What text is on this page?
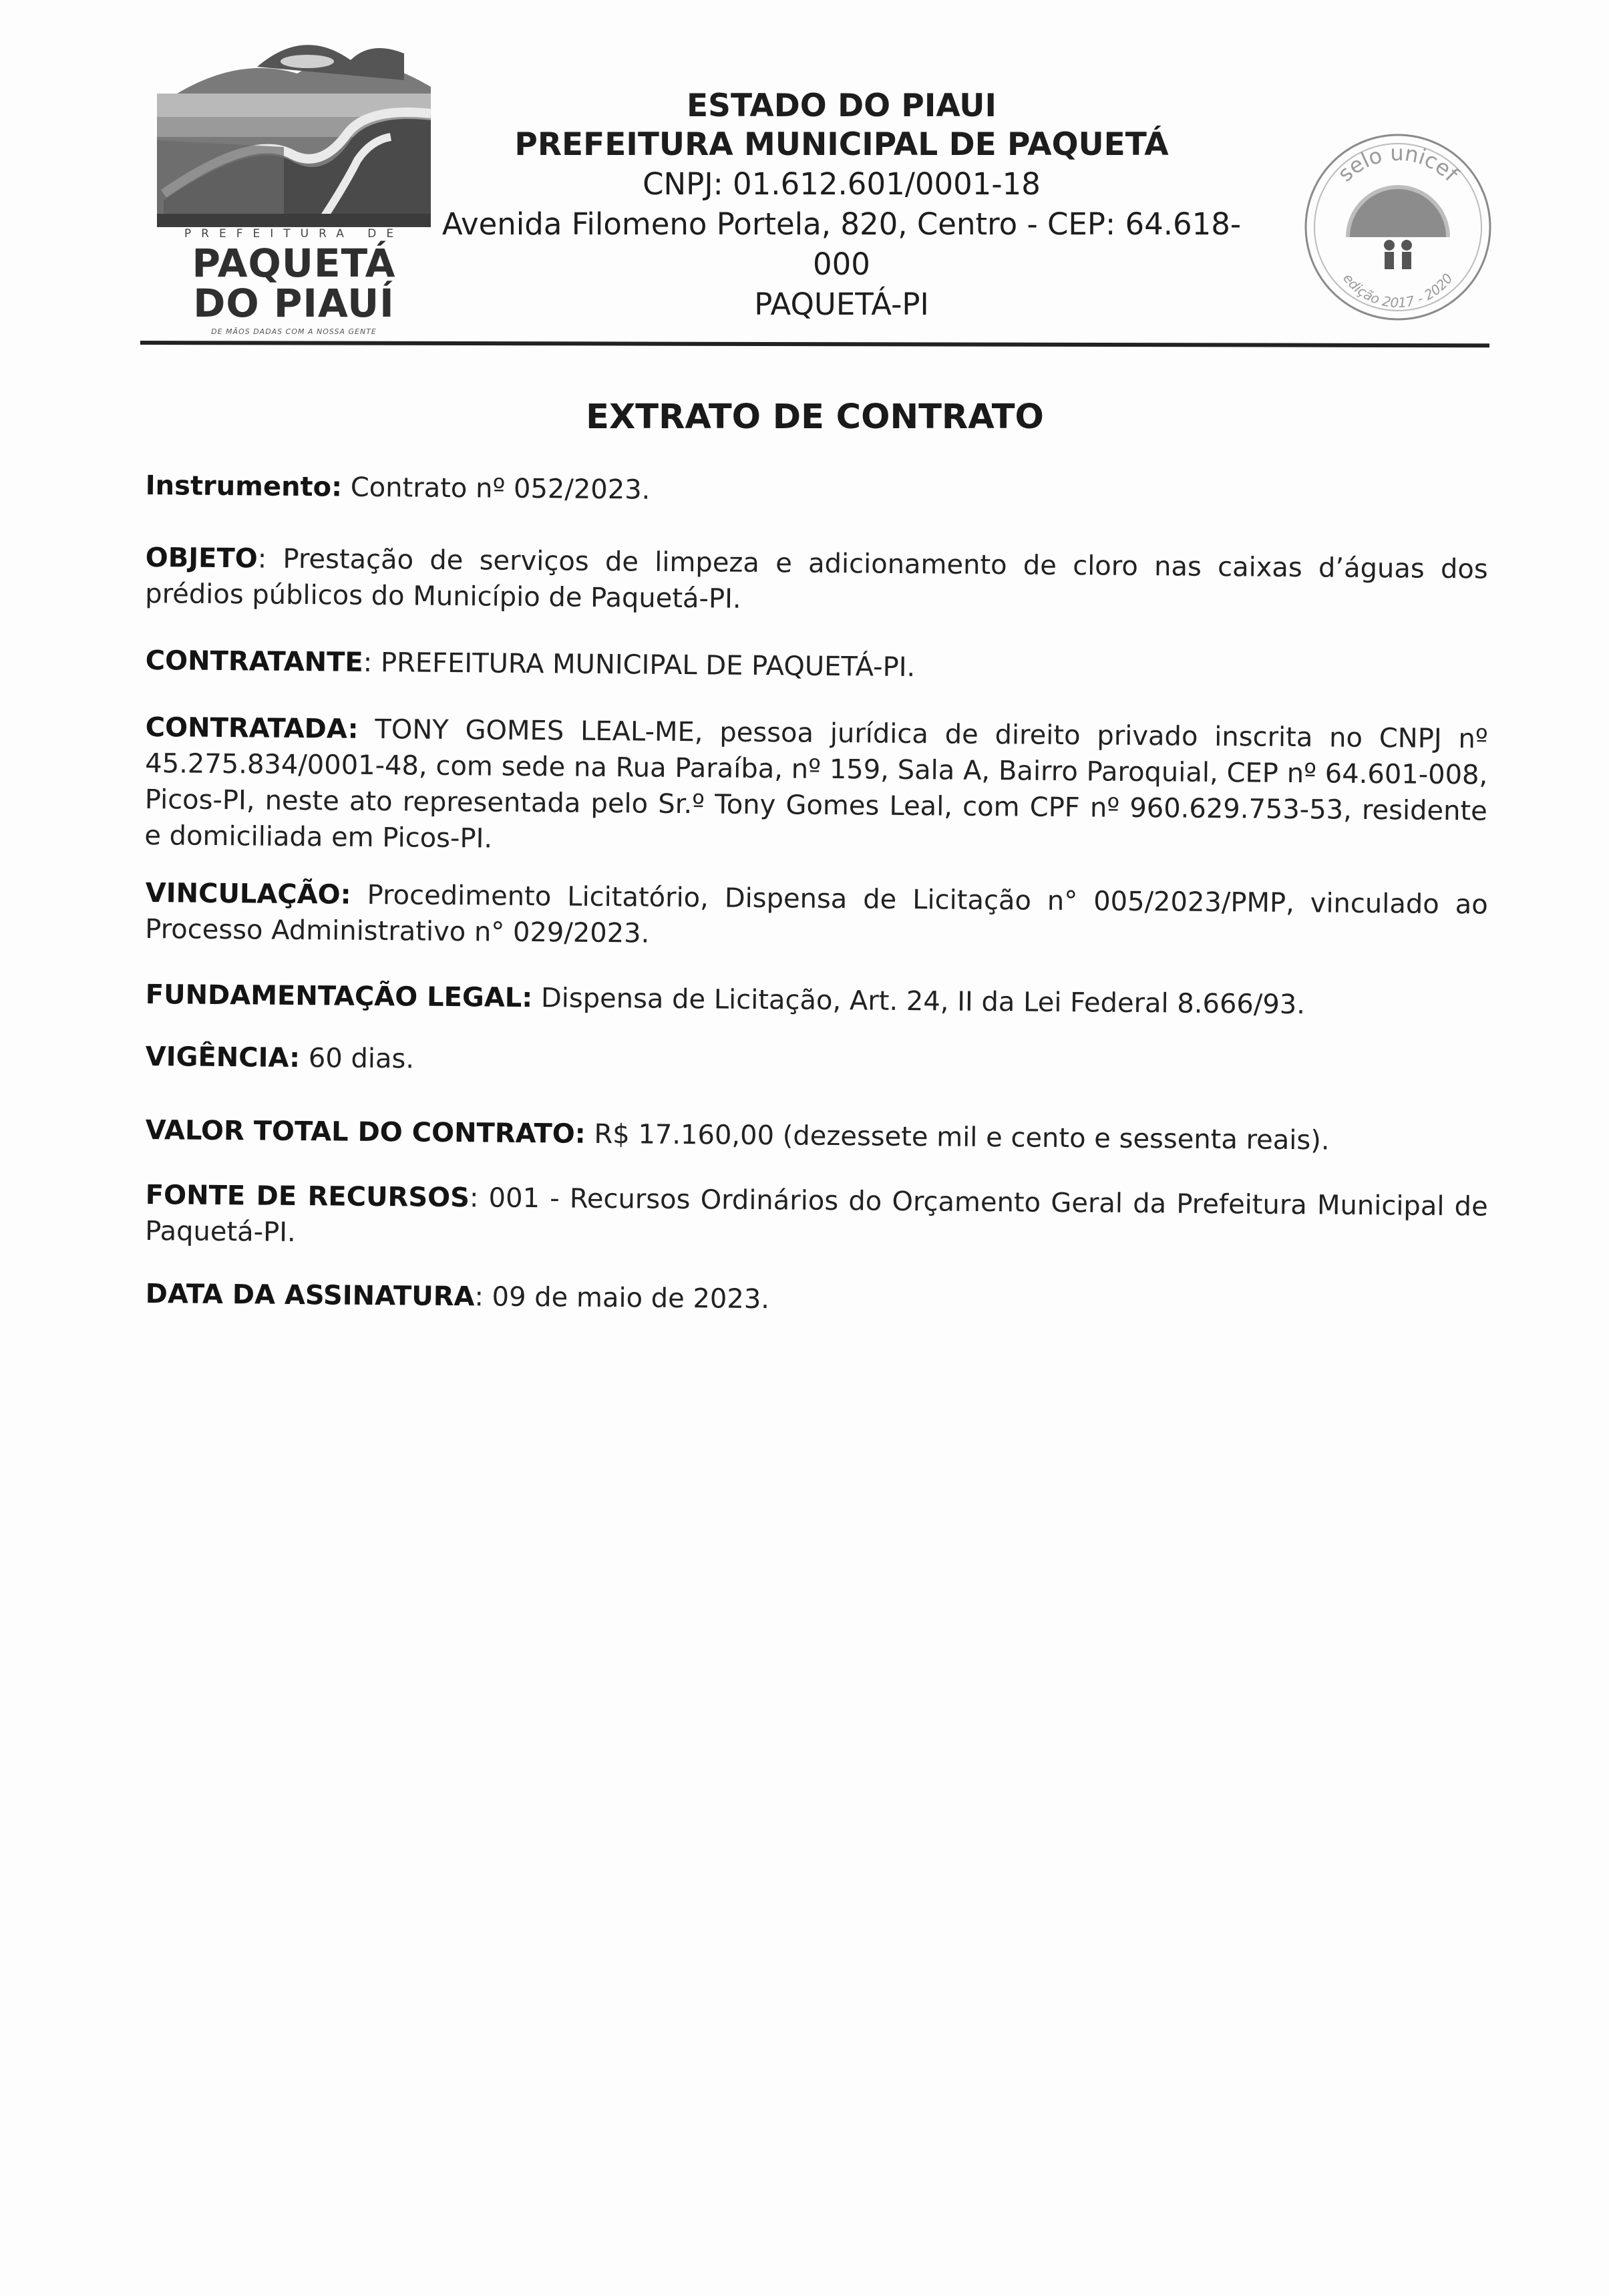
PREFEITURA DE
PAQUETÁ
DO PIAUÍ
DE MÃOS DADAS COM A NOSSA GENTE
ESTADO DO PIAUI
PREFEITURA MUNICIPAL DE PAQUETÁ
CNPJ: 01.612.601/0001-18
Avenida Filomeno Portela, 820, Centro - CEP: 64.618-000
PAQUETÁ-PI
selo unicef
edição 2017 - 2020
EXTRATO DE CONTRATO
Instrumento: Contrato nº 052/2023.
OBJETO: Prestação de serviços de limpeza e adicionamento de cloro nas caixas d’águas dos prédios públicos do Município de Paquetá-PI.
CONTRATANTE: PREFEITURA MUNICIPAL DE PAQUETÁ-PI.
CONTRATADA: TONY GOMES LEAL-ME, pessoa jurídica de direito privado inscrita no CNPJ nº 45.275.834/0001-48, com sede na Rua Paraíba, nº 159, Sala A, Bairro Paroquial, CEP nº 64.601-008, Picos-PI, neste ato representada pelo Sr.º Tony Gomes Leal, com CPF nº 960.629.753-53, residente e domiciliada em Picos-PI.
VINCULAÇÃO: Procedimento Licitatório, Dispensa de Licitação n° 005/2023/PMP, vinculado ao Processo Administrativo n° 029/2023.
FUNDAMENTAÇÃO LEGAL: Dispensa de Licitação, Art. 24, II da Lei Federal 8.666/93.
VIGÊNCIA: 60 dias.
VALOR TOTAL DO CONTRATO: R$ 17.160,00 (dezessete mil e cento e sessenta reais).
FONTE DE RECURSOS: 001 - Recursos Ordinários do Orçamento Geral da Prefeitura Municipal de Paquetá-PI.
DATA DA ASSINATURA: 09 de maio de 2023.
